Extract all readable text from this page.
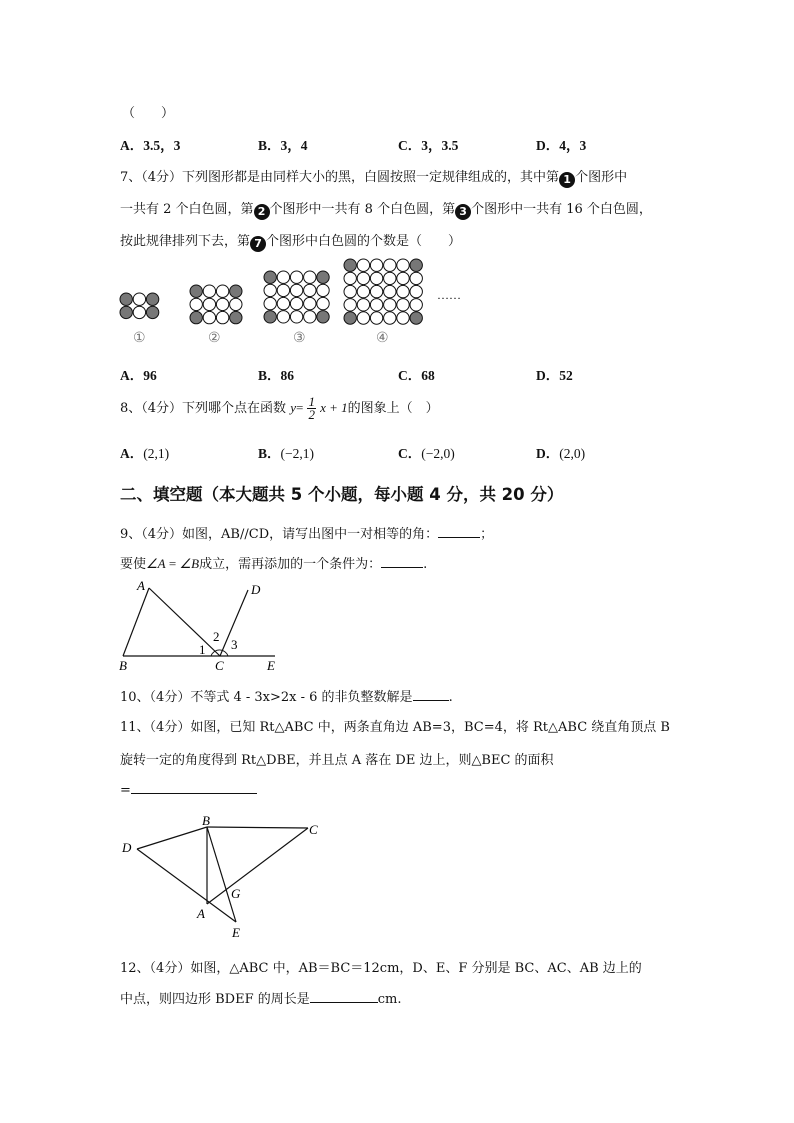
（　　）
A．3.5，3	B．3，4	C．3，3.5	D．4，3
7、（4分）下列图形都是由同样大小的黑，白圆按照一定规律组成的，其中第 1 个图形中
一共有 2 个白色圆，第 2 个图形中一共有 8 个白色圆，第 3 个图形中一共有 16 个白色圆，
按此规律排列下去，第 7 个图形中白色圆的个数是（　　）
……
①	②	③	④
A．96	B．86	C．68	D．52
8、（4分）下列哪个点在函数 $y= \frac{1}{2}$ x + 1的图象上（　）
A．(2,1)	B．(−2,1)	C．(−2,0)	D．(2,0)
二、填空题（本大题共 5 个小题，每小题 4 分，共 20 分）
9、（4分）如图，AB//CD，请写出图中一对相等的角：	；
要使∠A = ∠B成立，需再添加的一个条件为：	.
A	D
B	C	E
1
2
3
10、（4分）不等式 4 - 3x>2x - 6 的非负整数解是	.
11、（4分）如图，已知 Rt△ABC 中，两条直角边 AB=3，BC=4，将 Rt△ABC 绕直角顶点 B
旋转一定的角度得到 Rt△DBE，并且点 A 落在 DE 边上，则△BEC 的面积
=
B
C
D
A
G
E
12、（4分）如图，△ABC 中，AB＝BC＝12cm，D、E、F 分别是 BC、AC、AB 边上的
中点，则四边形 BDEF 的周长是	cm.
